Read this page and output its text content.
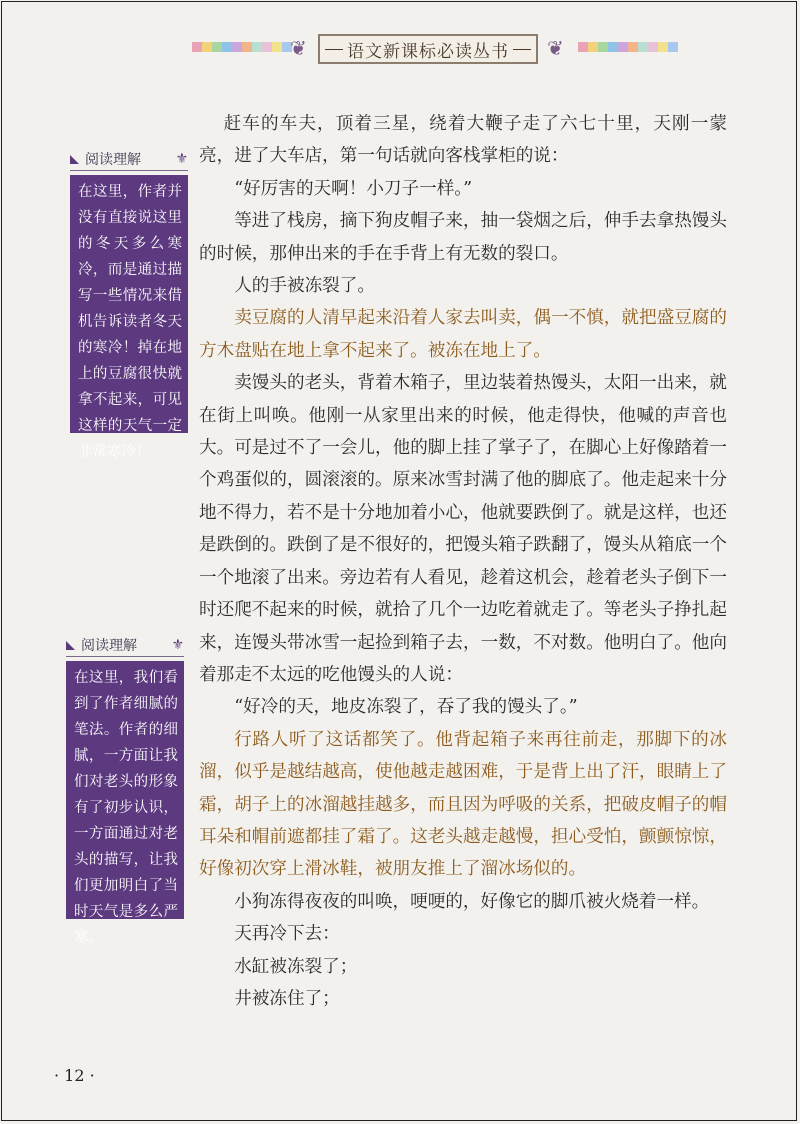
❦ 语文新课标必读丛书 ❦
阅读理解 ⚜
在这里，作者并没有直接说这里的冬天多么寒冷，而是通过描写一些情况来借机告诉读者冬天的寒冷！掉在地上的豆腐很快就拿不起来，可见这样的天气一定非常寒冷！
阅读理解 ⚜
在这里，我们看到了作者细腻的笔法。作者的细腻，一方面让我们对老头的形象有了初步认识，一方面通过对老头的描写，让我们更加明白了当时天气是多么严寒。

赶车的车夫，顶着三星，绕着大鞭子走了六七十里，天刚一蒙亮，进了大车店，第一句话就向客栈掌柜的说：

“好厉害的天啊！小刀子一样。”

等进了栈房，摘下狗皮帽子来，抽一袋烟之后，伸手去拿热馒头的时候，那伸出来的手在手背上有无数的裂口。

人的手被冻裂了。

卖豆腐的人清早起来沿着人家去叫卖，偶一不慎，就把盛豆腐的方木盘贴在地上拿不起来了。被冻在地上了。

卖馒头的老头，背着木箱子，里边装着热馒头，太阳一出来，就在街上叫唤。他刚一从家里出来的时候，他走得快，他喊的声音也大。可是过不了一会儿，他的脚上挂了掌子了，在脚心上好像踏着一个鸡蛋似的，圆滚滚的。原来冰雪封满了他的脚底了。他走起来十分地不得力，若不是十分地加着小心，他就要跌倒了。就是这样，也还是跌倒的。跌倒了是不很好的，把馒头箱子跌翻了，馒头从箱底一个一个地滚了出来。旁边若有人看见，趁着这机会，趁着老头子倒下一时还爬不起来的时候，就拾了几个一边吃着就走了。等老头子挣扎起来，连馒头带冰雪一起捡到箱子去，一数，不对数。他明白了。他向着那走不太远的吃他馒头的人说：

“好冷的天，地皮冻裂了，吞了我的馒头了。”

行路人听了这话都笑了。他背起箱子来再往前走，那脚下的冰溜，似乎是越结越高，使他越走越困难，于是背上出了汗，眼睛上了霜，胡子上的冰溜越挂越多，而且因为呼吸的关系，把破皮帽子的帽耳朵和帽前遮都挂了霜了。这老头越走越慢，担心受怕，颤颤惊惊，好像初次穿上滑冰鞋，被朋友推上了溜冰场似的。

小狗冻得夜夜的叫唤，哽哽的，好像它的脚爪被火烧着一样。

天再冷下去：

水缸被冻裂了；

井被冻住了；

· 12 ·
